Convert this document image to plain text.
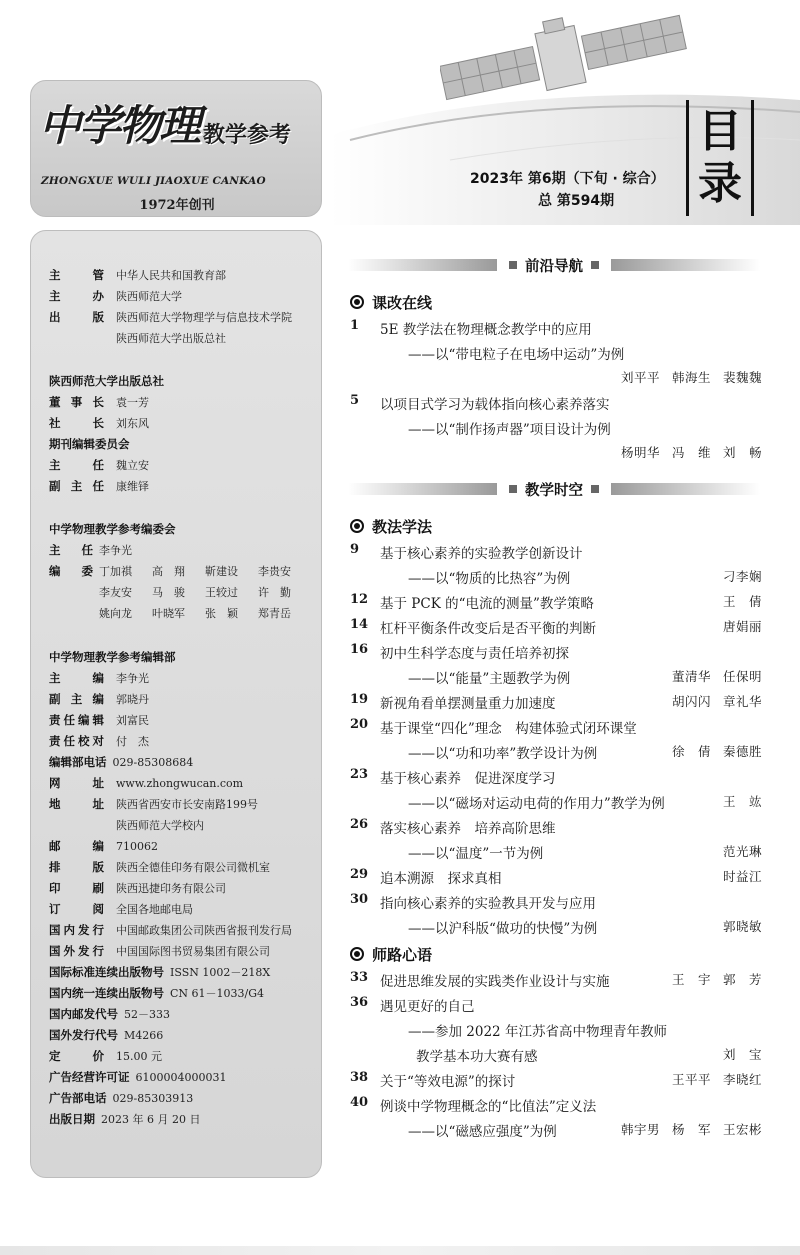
中学物理 教学参考
ZHONGXUE WULI JIAOXUE CANKAO
1972年创刊
2023年 第6期（下旬 · 综合）
总 第594期
目
录
主管 中华人民共和国教育部
主办 陕西师范大学
出版 陕西师范大学物理学与信息技术学院
陕西师范大学出版总社
陕西师范大学出版总社
董事长 袁一芳
社长 刘东风
期刊编辑委员会
主任 魏立安
副主任 康维铎
中学物理教学参考编委会
主　任 李争光
编委 丁加祺	高　翔	靳建设	李贵安
李友安	马　骏	王较过	许　勤
姚向龙	叶晓军	张　颖	郑青岳
中学物理教学参考编辑部
主编 李争光
副主编 郭晓丹
责任编辑 刘富民
责任校对 付　杰
编辑部电话 029-85308684
网址 www.zhongwucan.com
地址 陕西省西安市长安南路199号
陕西师范大学校内
邮编 710062
排版 陕西全德佳印务有限公司微机室
印刷 陕西迅捷印务有限公司
订阅 全国各地邮电局
国内发行 中国邮政集团公司陕西省报刊发行局
国外发行 中国国际图书贸易集团有限公司
国际标准连续出版物号 ISSN 1002－218X
国内统一连续出版物号 CN 61－1033/G4
国内邮发代号 52－333
国外发行代号 M4266
定价 15.00 元
广告经营许可证 6100004000031
广告部电话 029-85303913
出版日期 2023 年 6 月 20 日
前沿导航
课改在线
1	5E 教学法在物理概念教学中的应用
——以“带电粒子在电场中运动”为例
刘平平 韩海生 裴魏魏
5	以项目式学习为载体指向核心素养落实
——以“制作扬声器”项目设计为例
杨明华 冯　维 刘　畅
教学时空
教法学法
9	基于核心素养的实验教学创新设计
——以“物质的比热容”为例	刁李娴
12 基于 PCK 的“电流的测量”教学策略	王　倩
14 杠杆平衡条件改变后是否平衡的判断	唐娟丽
16 初中生科学态度与责任培养初探
——以“能量”主题教学为例	董清华 任保明
19 新视角看单摆测量重力加速度	胡闪闪 章礼华
20 基于课堂“四化”理念　构建体验式闭环课堂
——以“功和功率”教学设计为例	徐　倩 秦德胜
23 基于核心素养　促进深度学习
——以“磁场对运动电荷的作用力”教学为例	王　竑
26 落实核心素养　培养高阶思维
——以“温度”一节为例	范光琳
29 追本溯源　探求真相	时益江
30 指向核心素养的实验教具开发与应用
——以沪科版“做功的快慢”为例	郭晓敏
师路心语
33 促进思维发展的实践类作业设计与实施	王　宇 郭　芳
36 遇见更好的自己
——参加 2022 年江苏省高中物理青年教师
教学基本功大赛有感	刘　宝
38 关于“等效电源”的探讨	王平平 李晓红
40 例谈中学物理概念的“比值法”定义法
——以“磁感应强度”为例	韩宇男 杨　军 王宏彬
